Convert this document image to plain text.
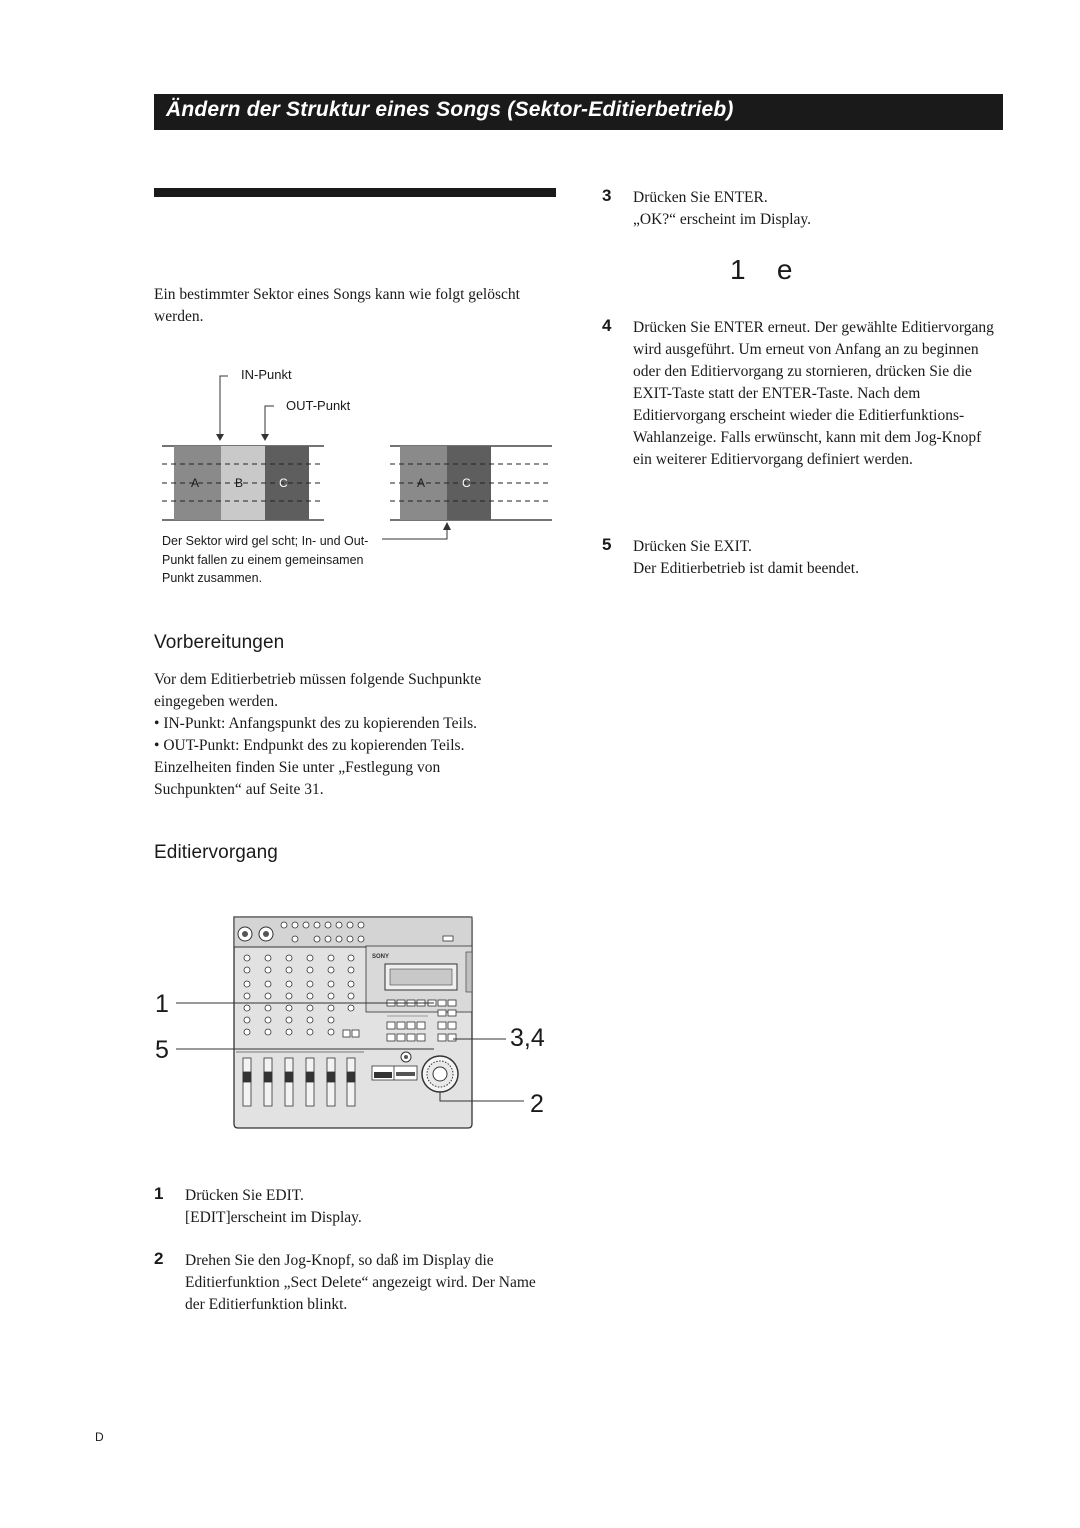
Ändern der Struktur eines Songs (Sektor-Editierbetrieb)
Ein bestimmter Sektor eines Songs kann wie folgt gelöscht werden.
IN-Punkt
OUT-Punkt
A	B	C	A	C
Der Sektor wird gel scht; In- und Out-Punkt fallen zu einem gemeinsamen Punkt zusammen.
Vorbereitungen
Vor dem Editierbetrieb müssen folgende Suchpunkte eingegeben werden.
• IN-Punkt: Anfangspunkt des zu kopierenden Teils.
• OUT-Punkt: Endpunkt des zu kopierenden Teils.
Einzelheiten finden Sie unter „Festlegung von Suchpunkten“ auf Seite 31.
Editiervorgang
SONY
1
5	3,4
2
1 Drücken Sie EDIT.
[EDIT]erscheint im Display.
2 Drehen Sie den Jog-Knopf, so daß im Display die Editierfunktion „Sect Delete“ angezeigt wird. Der Name der Editierfunktion blinkt.
3 Drücken Sie ENTER.
„OK?“ erscheint im Display.
1   e
4 Drücken Sie ENTER erneut. Der gewählte Editiervorgang wird ausgeführt. Um erneut von Anfang an zu beginnen oder den Editiervorgang zu stornieren, drücken Sie die EXIT-Taste statt der ENTER-Taste. Nach dem Editiervorgang erscheint wieder die Editierfunktions-Wahlanzeige. Falls erwünscht, kann mit dem Jog-Knopf ein weiterer Editiervorgang definiert werden.
5 Drücken Sie EXIT.
Der Editierbetrieb ist damit beendet.
D
